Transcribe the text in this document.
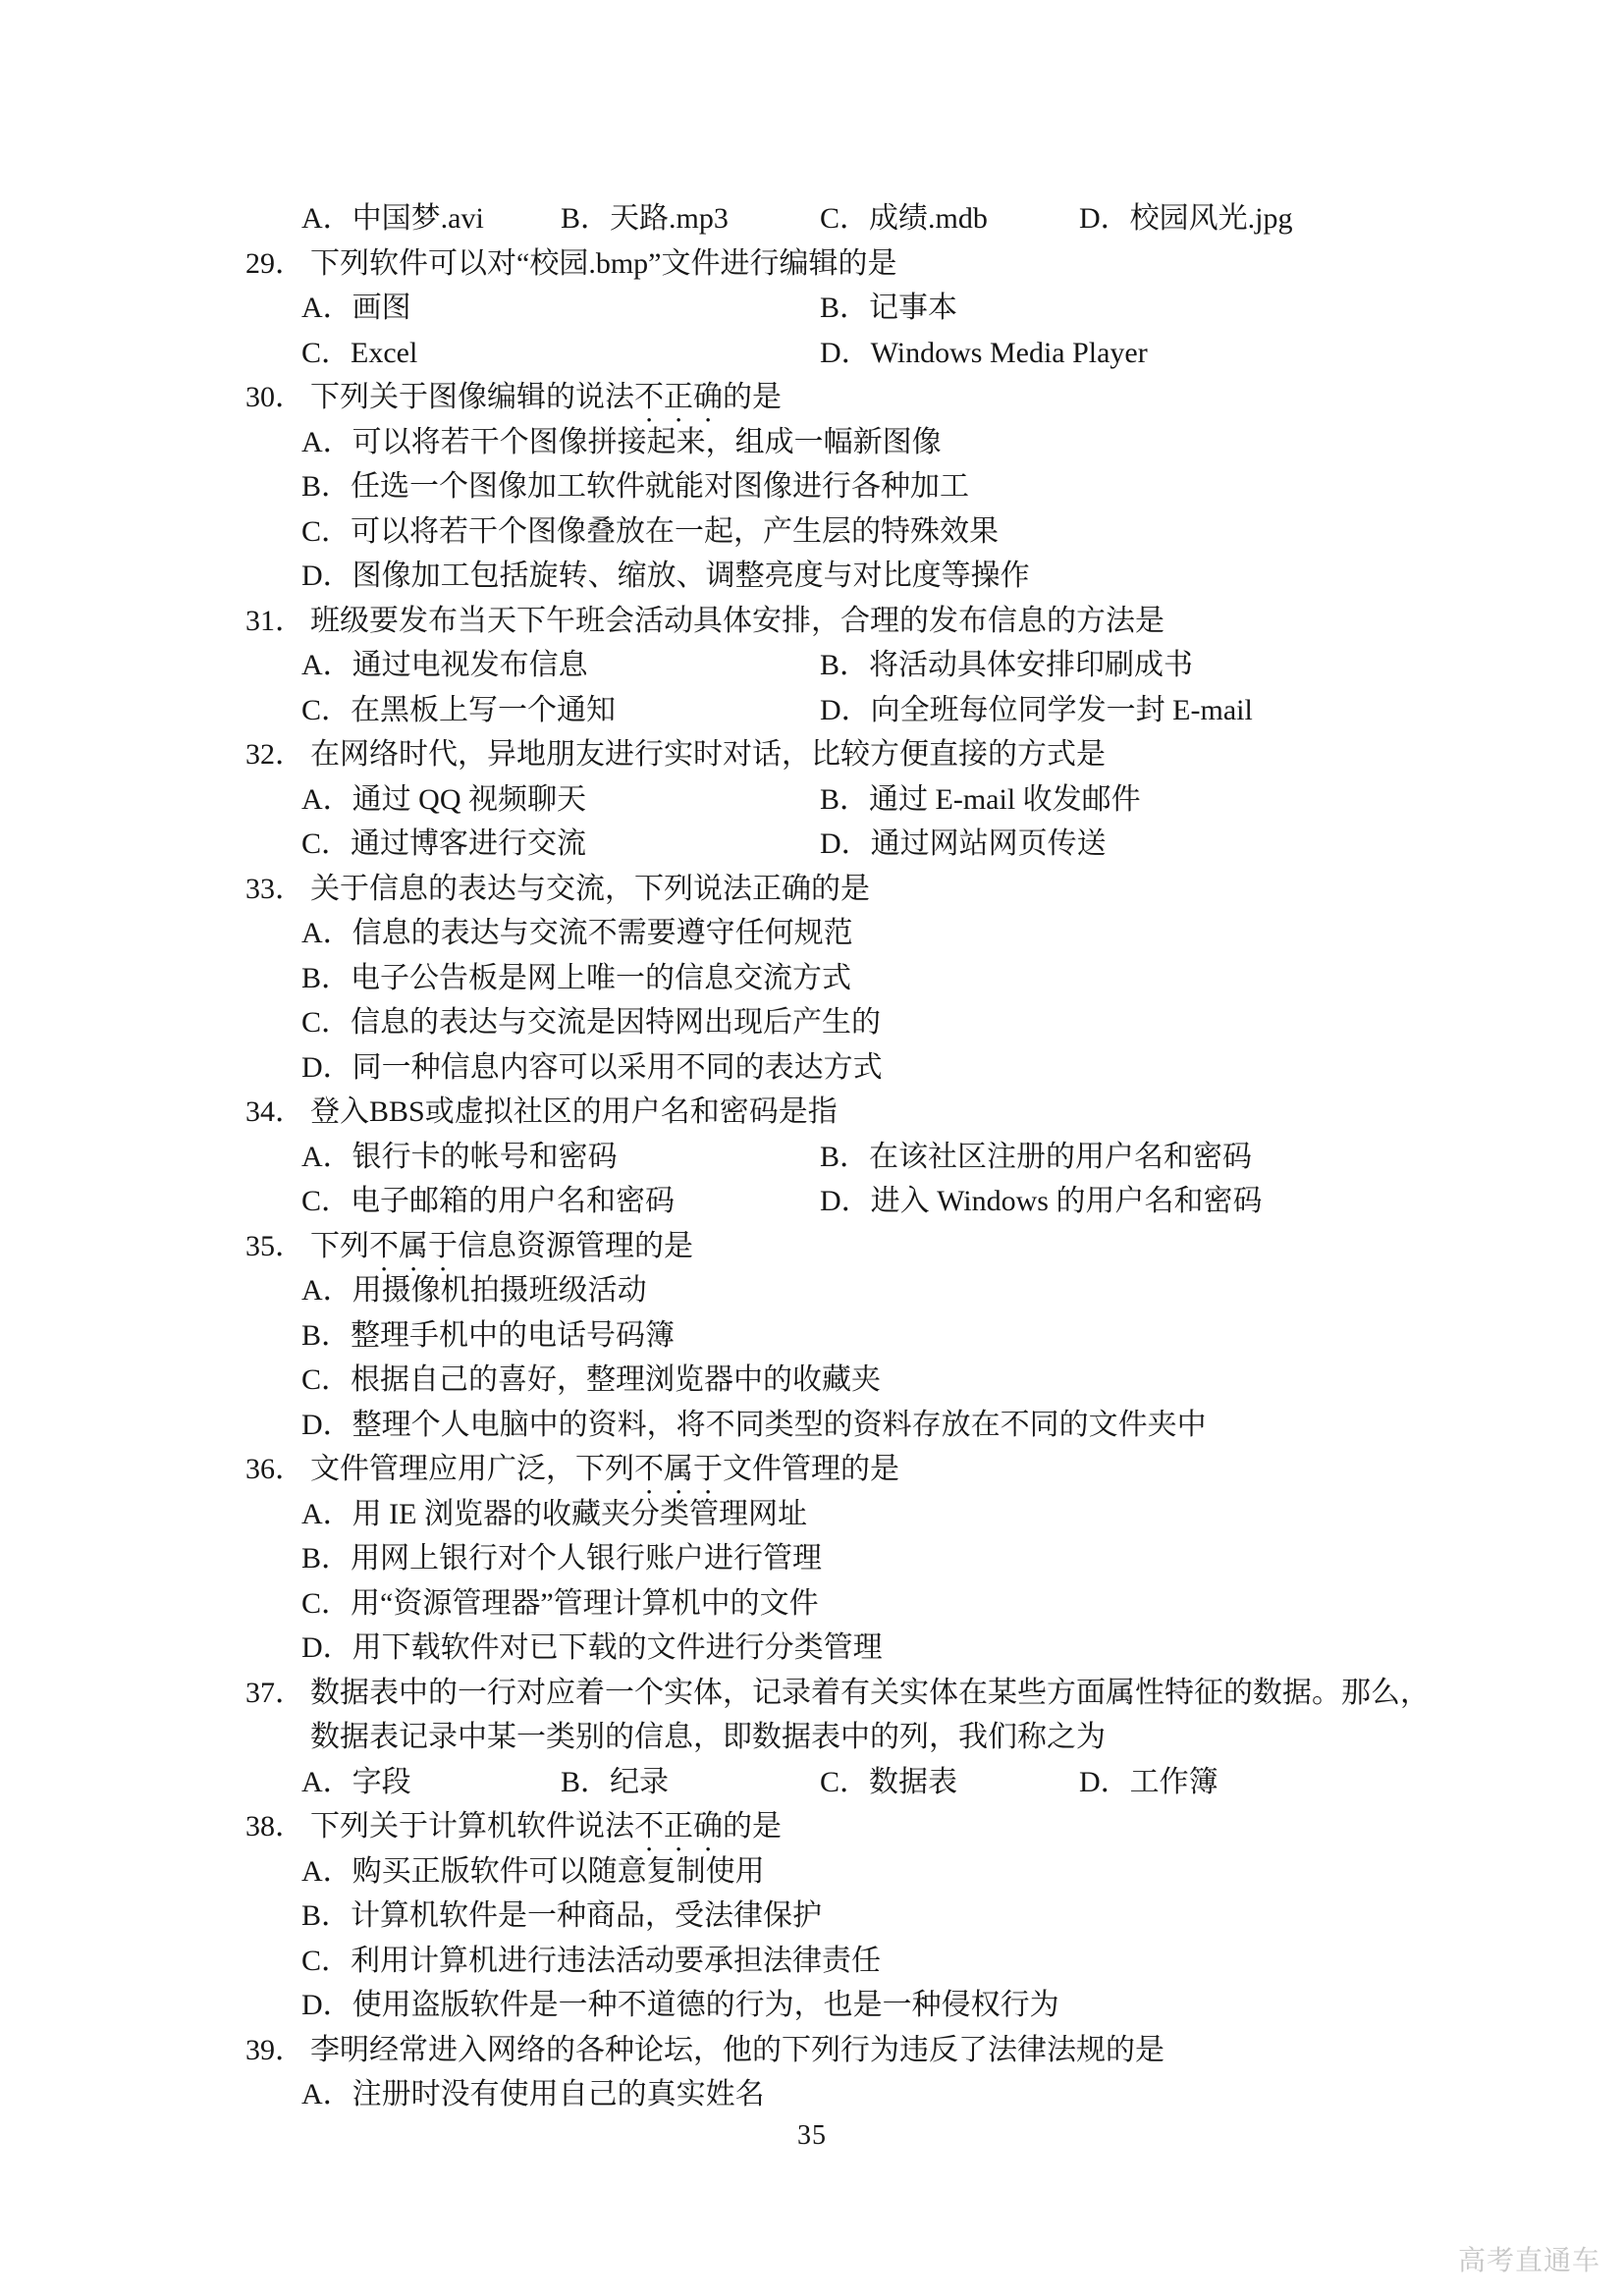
A．中国梦.avi	B．天路.mp3	C．成绩.mdb	D．校园风光.jpg
29． 下列软件可以对“校园.bmp”文件进行编辑的是
A．画图	B．记事本
C．Excel	D．Windows Media Player
30． 下列关于图像编辑的说法不正确的是
A．可以将若干个图像拼接起来，组成一幅新图像
B．任选一个图像加工软件就能对图像进行各种加工
C．可以将若干个图像叠放在一起，产生层的特殊效果
D．图像加工包括旋转、缩放、调整亮度与对比度等操作
31． 班级要发布当天下午班会活动具体安排，合理的发布信息的方法是
A．通过电视发布信息	B．将活动具体安排印刷成书
C．在黑板上写一个通知	D．向全班每位同学发一封 E-mail
32． 在网络时代，异地朋友进行实时对话，比较方便直接的方式是
A．通过 QQ 视频聊天	B．通过 E-mail 收发邮件
C．通过博客进行交流	D．通过网站网页传送
33． 关于信息的表达与交流，下列说法正确的是
A．信息的表达与交流不需要遵守任何规范
B．电子公告板是网上唯一的信息交流方式
C．信息的表达与交流是因特网出现后产生的
D．同一种信息内容可以采用不同的表达方式
34． 登入BBS或虚拟社区的用户名和密码是指
A．银行卡的帐号和密码	B．在该社区注册的用户名和密码
C．电子邮箱的用户名和密码	D．进入 Windows 的用户名和密码
35． 下列不属于信息资源管理的是
A．用摄像机拍摄班级活动
B．整理手机中的电话号码簿
C．根据自己的喜好，整理浏览器中的收藏夹
D．整理个人电脑中的资料，将不同类型的资料存放在不同的文件夹中
36． 文件管理应用广泛，下列不属于文件管理的是
A．用 IE 浏览器的收藏夹分类管理网址
B．用网上银行对个人银行账户进行管理
C．用“资源管理器”管理计算机中的文件
D．用下载软件对已下载的文件进行分类管理
37． 数据表中的一行对应着一个实体，记录着有关实体在某些方面属性特征的数据。那么，
数据表记录中某一类别的信息，即数据表中的列，我们称之为
A．字段	B．纪录	C．数据表	D．工作簿
38． 下列关于计算机软件说法不正确的是
A．购买正版软件可以随意复制使用
B．计算机软件是一种商品，受法律保护
C．利用计算机进行违法活动要承担法律责任
D．使用盗版软件是一种不道德的行为，也是一种侵权行为
39． 李明经常进入网络的各种论坛，他的下列行为违反了法律法规的是
A．注册时没有使用自己的真实姓名
35
高考直通车
